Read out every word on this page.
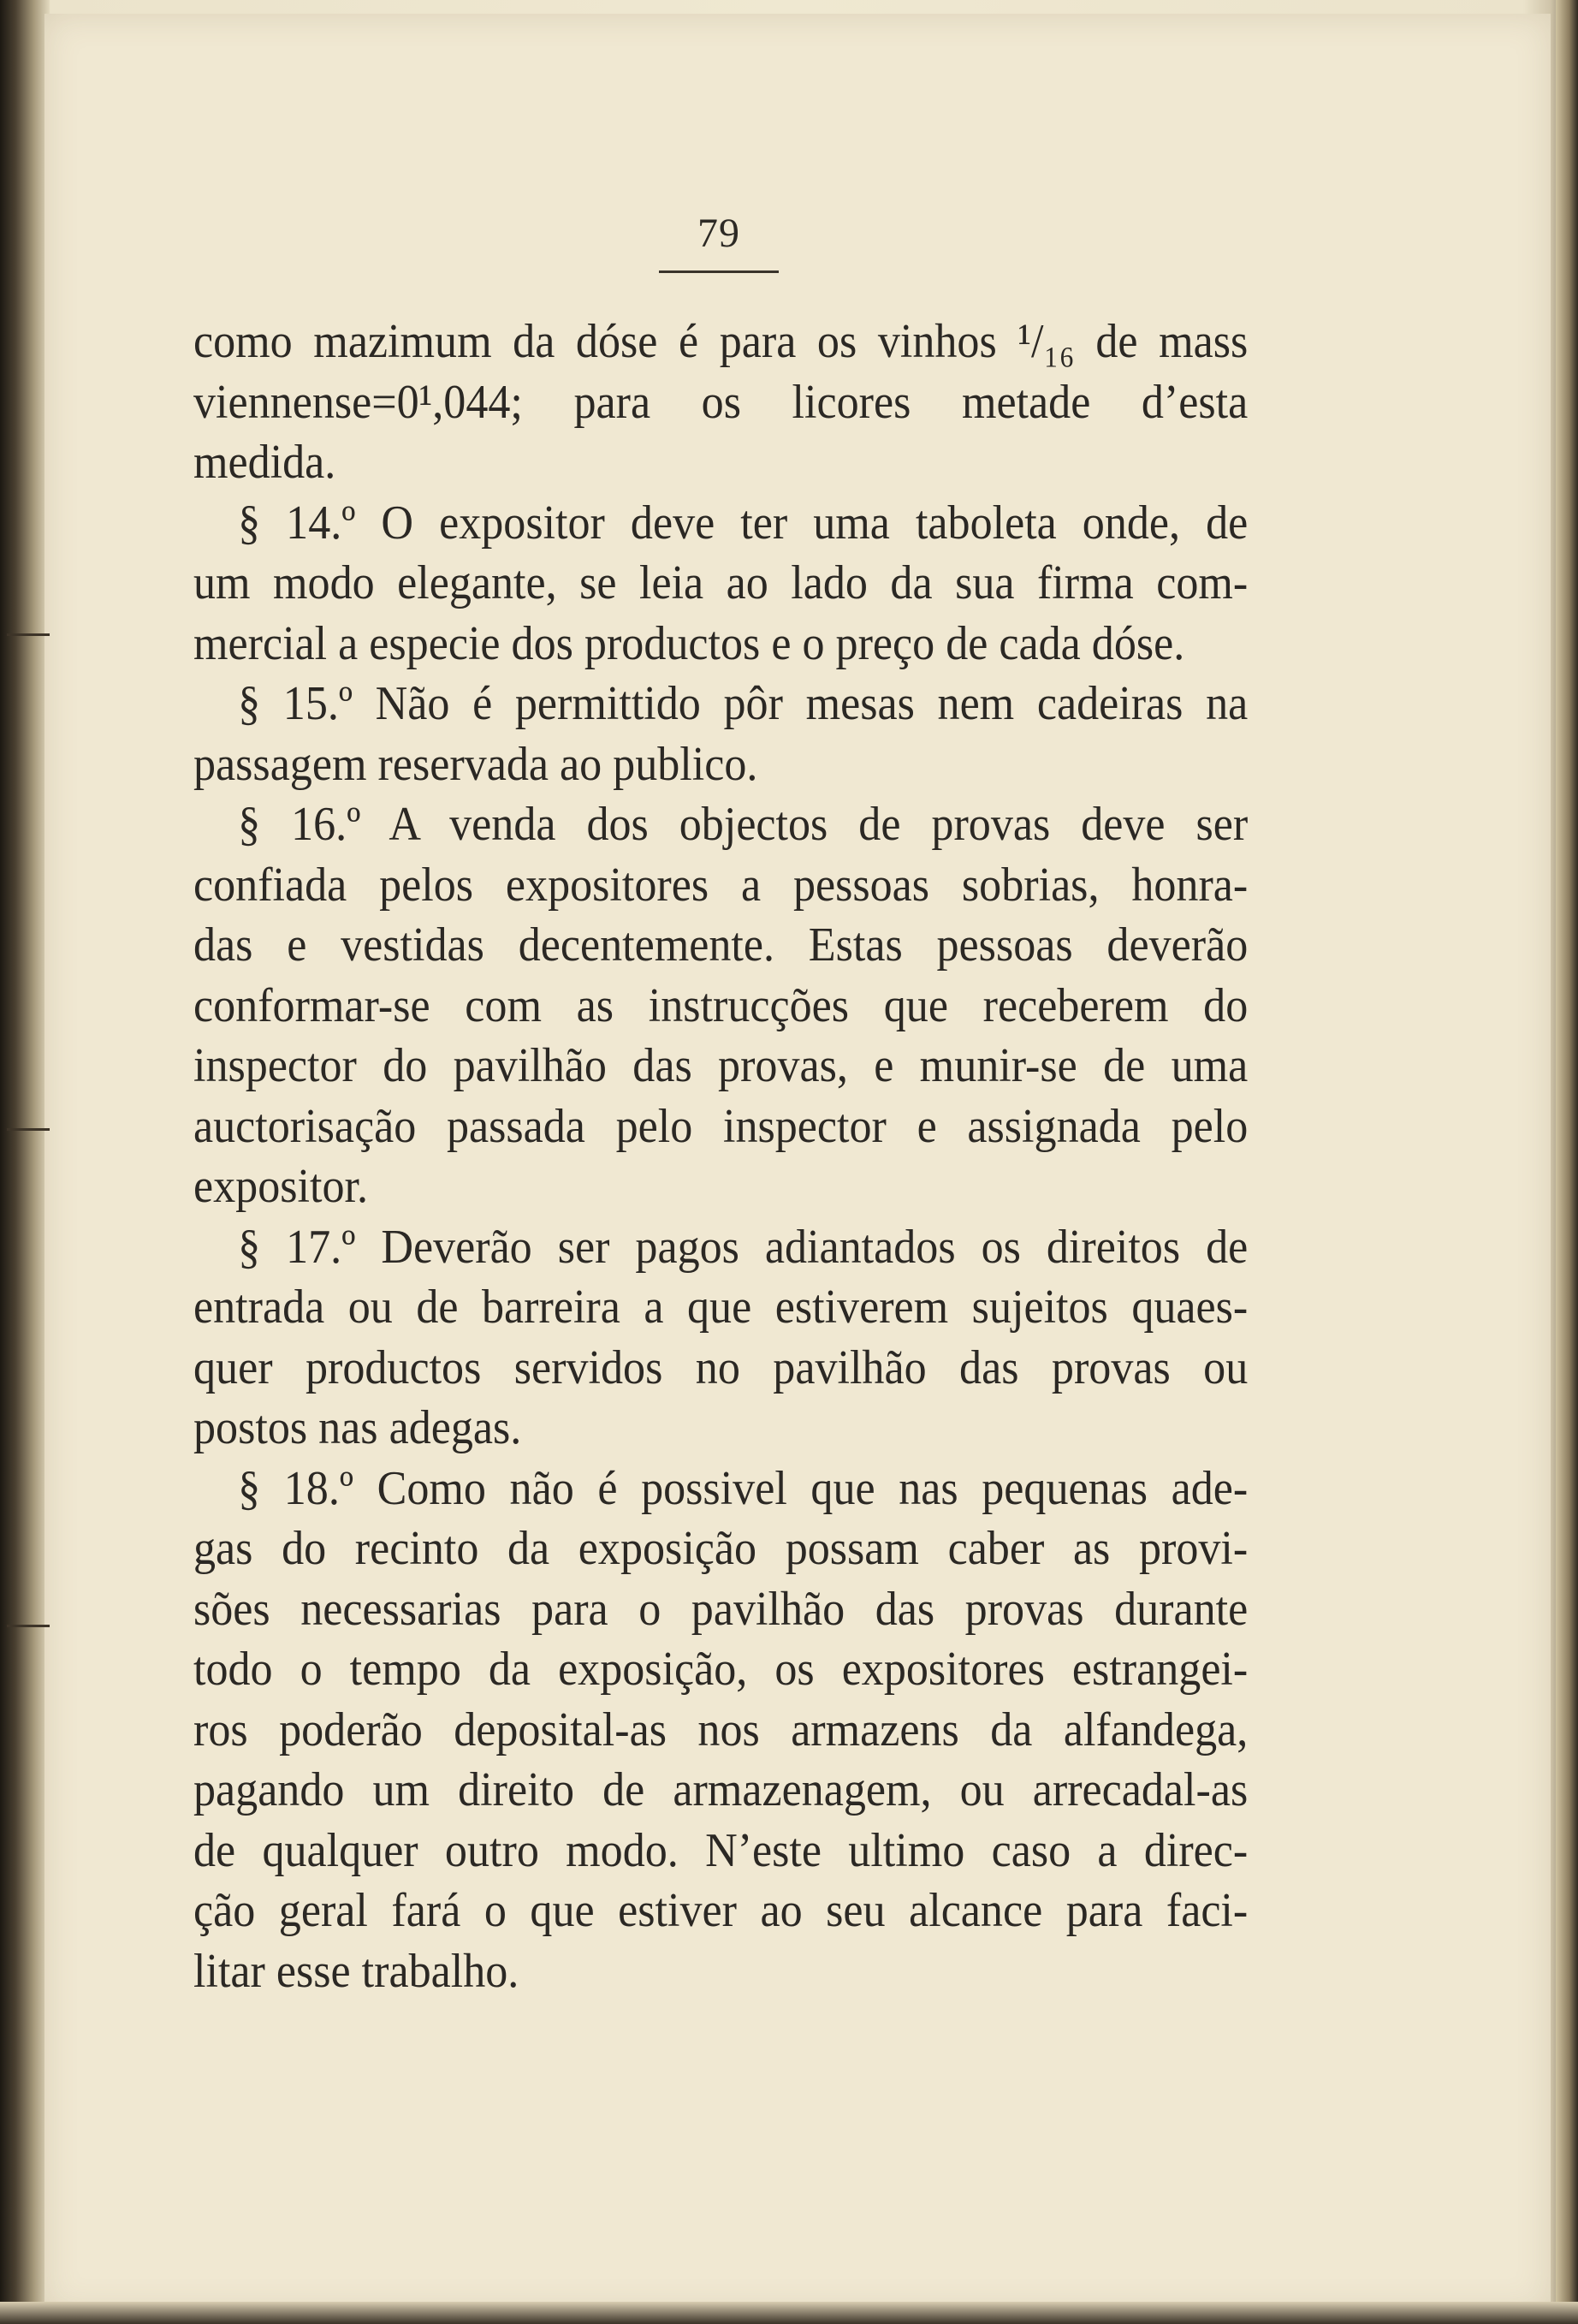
79
como mazimum da dóse é para os vinhos ¹/₁₆ de mass
viennense=0¹,044; para os licores metade d’esta
medida.
§ 14.º O expositor deve ter uma taboleta onde, de
um modo elegante, se leia ao lado da sua firma com-
mercial a especie dos productos e o preço de cada dóse.
§ 15.º Não é permittido pôr mesas nem cadeiras na
passagem reservada ao publico.
§ 16.º A venda dos objectos de provas deve ser
confiada pelos expositores a pessoas sobrias, honra-
das e vestidas decentemente. Estas pessoas deverão
conformar-se com as instrucções que receberem do
inspector do pavilhão das provas, e munir-se de uma
auctorisação passada pelo inspector e assignada pelo
expositor.
§ 17.º Deverão ser pagos adiantados os direitos de
entrada ou de barreira a que estiverem sujeitos quaes-
quer productos servidos no pavilhão das provas ou
postos nas adegas.
§ 18.º Como não é possivel que nas pequenas ade-
gas do recinto da exposição possam caber as provi-
sões necessarias para o pavilhão das provas durante
todo o tempo da exposição, os expositores estrangei-
ros poderão deposital-as nos armazens da alfandega,
pagando um direito de armazenagem, ou arrecadal-as
de qualquer outro modo. N’este ultimo caso a direc-
ção geral fará o que estiver ao seu alcance para faci-
litar esse trabalho.
